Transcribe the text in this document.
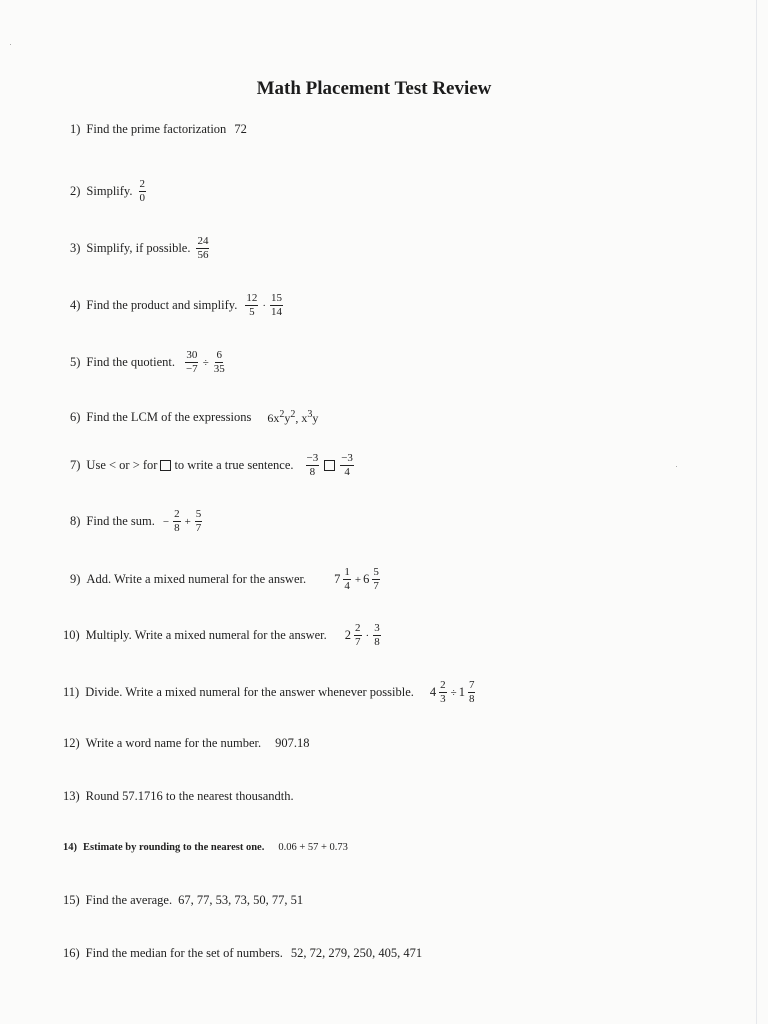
Math Placement Test Review
1) Find the prime factorization 72
2) Simplify. $\frac{2}{0}$
3) Simplify, if possible. $\frac{24}{56}$
4) Find the product and simplify. $\frac{12}{5} \cdot \frac{15}{14}$
5) Find the quotient. $\frac{30}{-7} \div \frac{6}{35}$
6) Find the LCM of the expressions $6x^2y^2$, $x^3y$
7) Use < or > for to write a true sentence. $\frac{-3}{8} \frac{-3}{4}$
8) Find the sum. − $\frac{2}{8} + \frac{5}{7}$
9) Add. Write a mixed numeral for the answer. $7 \frac{1}{4} + 6 \frac{5}{7}$
10) Multiply. Write a mixed numeral for the answer. $2 \frac{2}{7} \cdot \frac{3}{8}$
11) Divide. Write a mixed numeral for the answer whenever possible. $4 \frac{2}{3} \div 1 \frac{7}{8}$
12) Write a word name for the number. 907.18
13) Round 57.1716 to the nearest thousandth.
14) Estimate by rounding to the nearest one. 0.06 + 57 + 0.73
15) Find the average. 67, 77, 53, 73, 50, 77, 51
16) Find the median for the set of numbers. 52, 72, 279, 250, 405, 471
